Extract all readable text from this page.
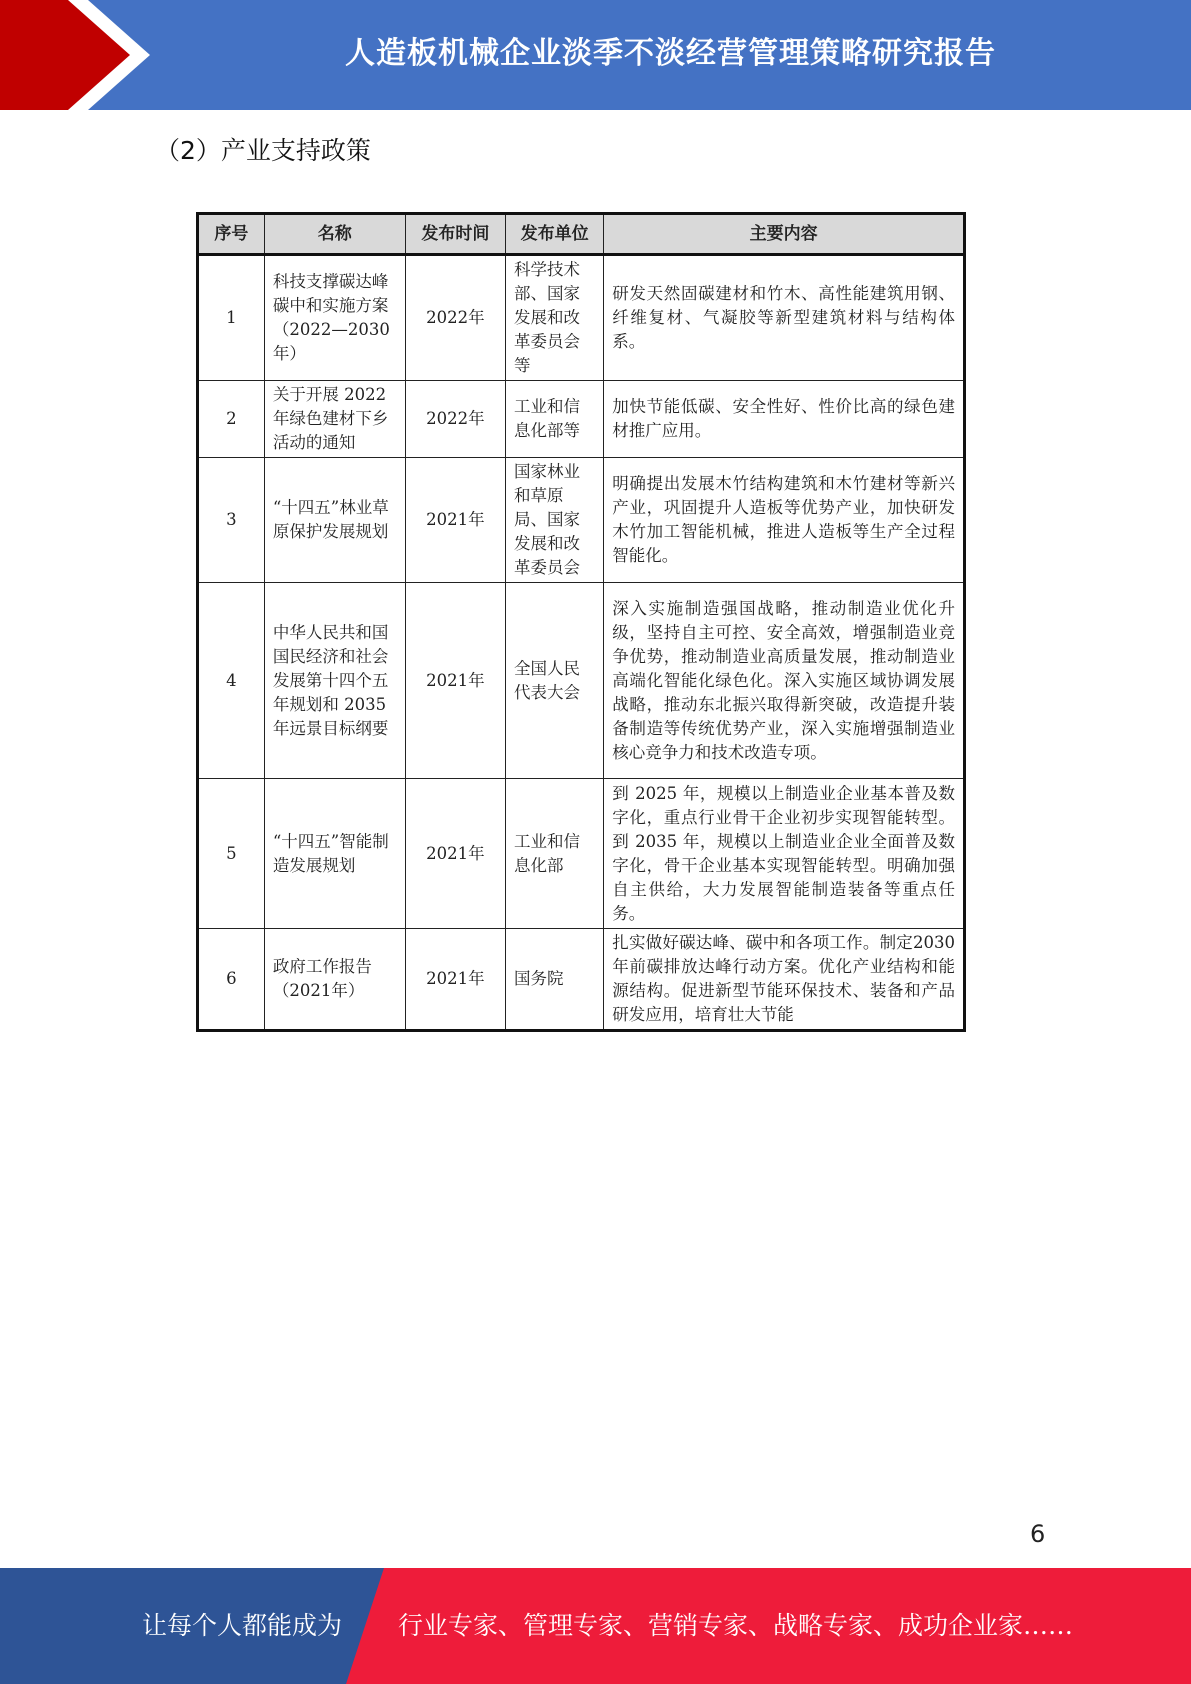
人造板机械企业淡季不淡经营管理策略研究报告
（2）产业支持政策
序号	名称	发布时间	发布单位	主要内容
1	科技支撑碳达峰碳中和实施方案（2022—2030年）	2022年	科学技术部、国家发展和改革委员会等	研发天然固碳建材和竹木、高性能建筑用钢、纤维复材、气凝胶等新型建筑材料与结构体系。
2	关于开展 2022 年绿色建材下乡活动的通知	2022年	工业和信息化部等	加快节能低碳、安全性好、性价比高的绿色建材推广应用。
3	“十四五”林业草原保护发展规划	2021年	国家林业和草原局、国家发展和改革委员会	明确提出发展木竹结构建筑和木竹建材等新兴产业，巩固提升人造板等优势产业，加快研发木竹加工智能机械，推进人造板等生产全过程智能化。
4	中华人民共和国国民经济和社会发展第十四个五年规划和 2035 年远景目标纲要	2021年	全国人民代表大会	深入实施制造强国战略，推动制造业优化升级，坚持自主可控、安全高效，增强制造业竞争优势，推动制造业高质量发展，推动制造业高端化智能化绿色化。深入实施区域协调发展战略，推动东北振兴取得新突破，改造提升装备制造等传统优势产业，深入实施增强制造业核心竞争力和技术改造专项。
5	“十四五”智能制造发展规划	2021年	工业和信息化部	到 2025 年，规模以上制造业企业基本普及数字化，重点行业骨干企业初步实现智能转型。到 2035 年，规模以上制造业企业全面普及数字化，骨干企业基本实现智能转型。明确加强自主供给，大力发展智能制造装备等重点任务。
6	政府工作报告（2021年）	2021年	国务院	扎实做好碳达峰、碳中和各项工作。制定2030年前碳排放达峰行动方案。优化产业结构和能源结构。促进新型节能环保技术、装备和产品研发应用，培育壮大节能
6
让每个人都能成为 行业专家、管理专家、营销专家、战略专家、成功企业家……
